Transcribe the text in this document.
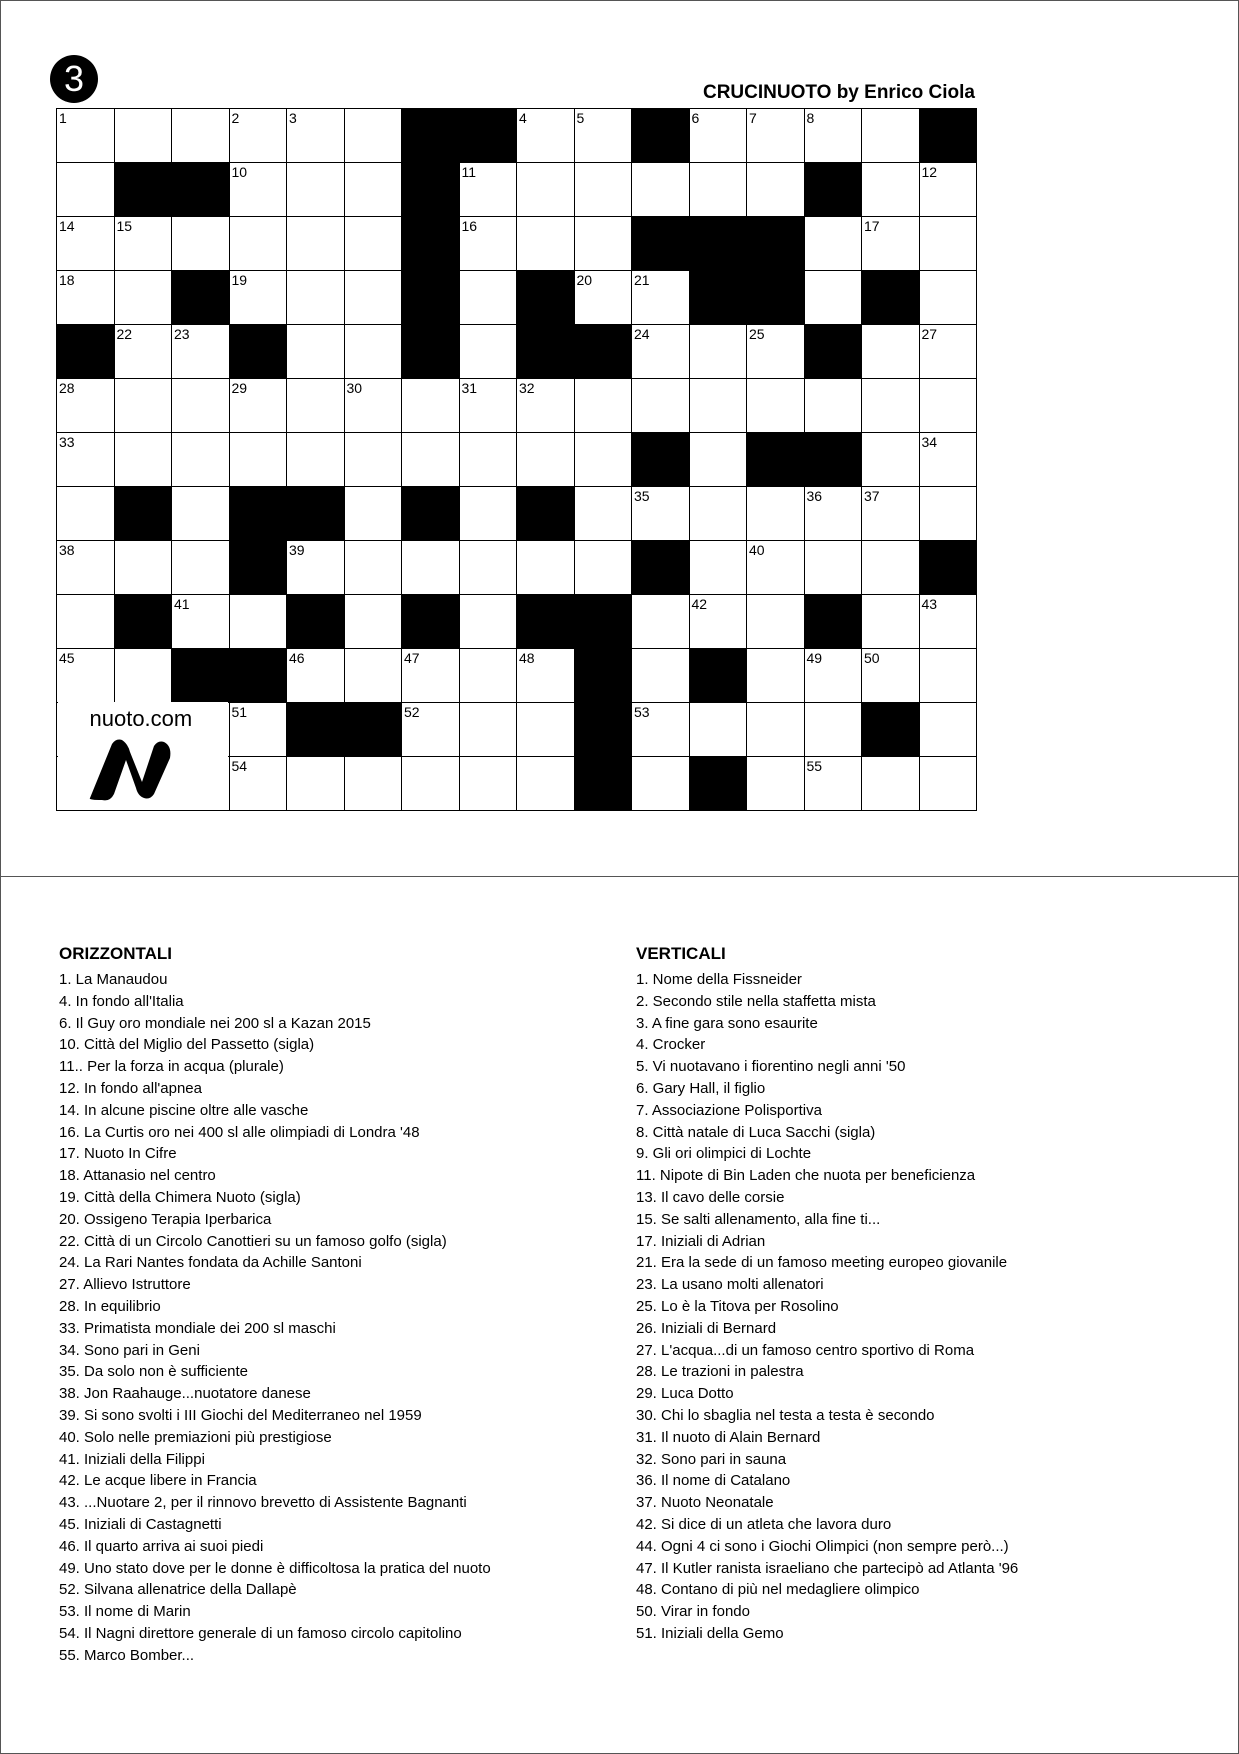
3	CRUCINUOTO by Enrico Ciola
1	2	3	4	5	6	7	8	9
10	11	12
14	15	16	17
18	19	20	21
22	23	24	25	26	27
28	29	30	31	32
33	34
35	36	37
38	39	40
41	42	43
45	46	47	48	49	50
51	52	53
54	55
nuoto.com
ORIZZONTALI
1. La Manaudou
4. In fondo all'Italia
6. Il Guy oro mondiale nei 200 sl a Kazan 2015
10. Città del Miglio del Passetto (sigla)
11.. Per la forza in acqua (plurale)
12. In fondo all'apnea
14. In alcune piscine oltre alle vasche
16. La Curtis oro nei 400 sl alle olimpiadi di Londra '48
17. Nuoto In Cifre
18. Attanasio nel centro
19. Città della Chimera Nuoto (sigla)
20. Ossigeno Terapia Iperbarica
22. Città di un Circolo Canottieri su un famoso golfo (sigla)
24. La Rari Nantes fondata da Achille Santoni
27. Allievo Istruttore
28. In equilibrio
33. Primatista mondiale dei 200 sl maschi
34. Sono pari in Geni
35. Da solo non è sufficiente
38. Jon Raahauge...nuotatore danese
39. Si sono svolti i III Giochi del Mediterraneo nel 1959
40. Solo nelle premiazioni più prestigiose
41. Iniziali della Filippi
42. Le acque libere in Francia
43. ...Nuotare 2, per il rinnovo brevetto di Assistente Bagnanti
45. Iniziali di Castagnetti
46. Il quarto arriva ai suoi piedi
49. Uno stato dove per le donne è difficoltosa la pratica del nuoto
52. Silvana allenatrice della Dallapè
53. Il nome di Marin
54. Il Nagni direttore generale di un famoso circolo capitolino
55. Marco Bomber...
VERTICALI
1. Nome della Fissneider
2. Secondo stile nella staffetta mista
3. A fine gara sono esaurite
4. Crocker
5. Vi nuotavano i fiorentino negli anni '50
6. Gary Hall, il figlio
7. Associazione Polisportiva
8. Città natale di Luca Sacchi (sigla)
9. Gli ori olimpici di Lochte
11. Nipote di Bin Laden che nuota per beneficienza
13. Il cavo delle corsie
15. Se salti allenamento, alla fine ti...
17. Iniziali di Adrian
21. Era la sede di un famoso meeting europeo giovanile
23. La usano molti allenatori
25. Lo è la Titova per Rosolino
26. Iniziali di Bernard
27. L'acqua...di un famoso centro sportivo di Roma
28. Le trazioni in palestra
29. Luca Dotto
30. Chi lo sbaglia nel testa a testa è secondo
31. Il nuoto di Alain Bernard
32. Sono pari in sauna
36. Il nome di Catalano
37. Nuoto Neonatale
42. Si dice di un atleta che lavora duro
44. Ogni 4 ci sono i Giochi Olimpici (non sempre però...)
47. Il Kutler ranista israeliano che partecipò ad Atlanta '96
48. Contano di più nel medagliere olimpico
50. Virar in fondo
51. Iniziali della Gemo
